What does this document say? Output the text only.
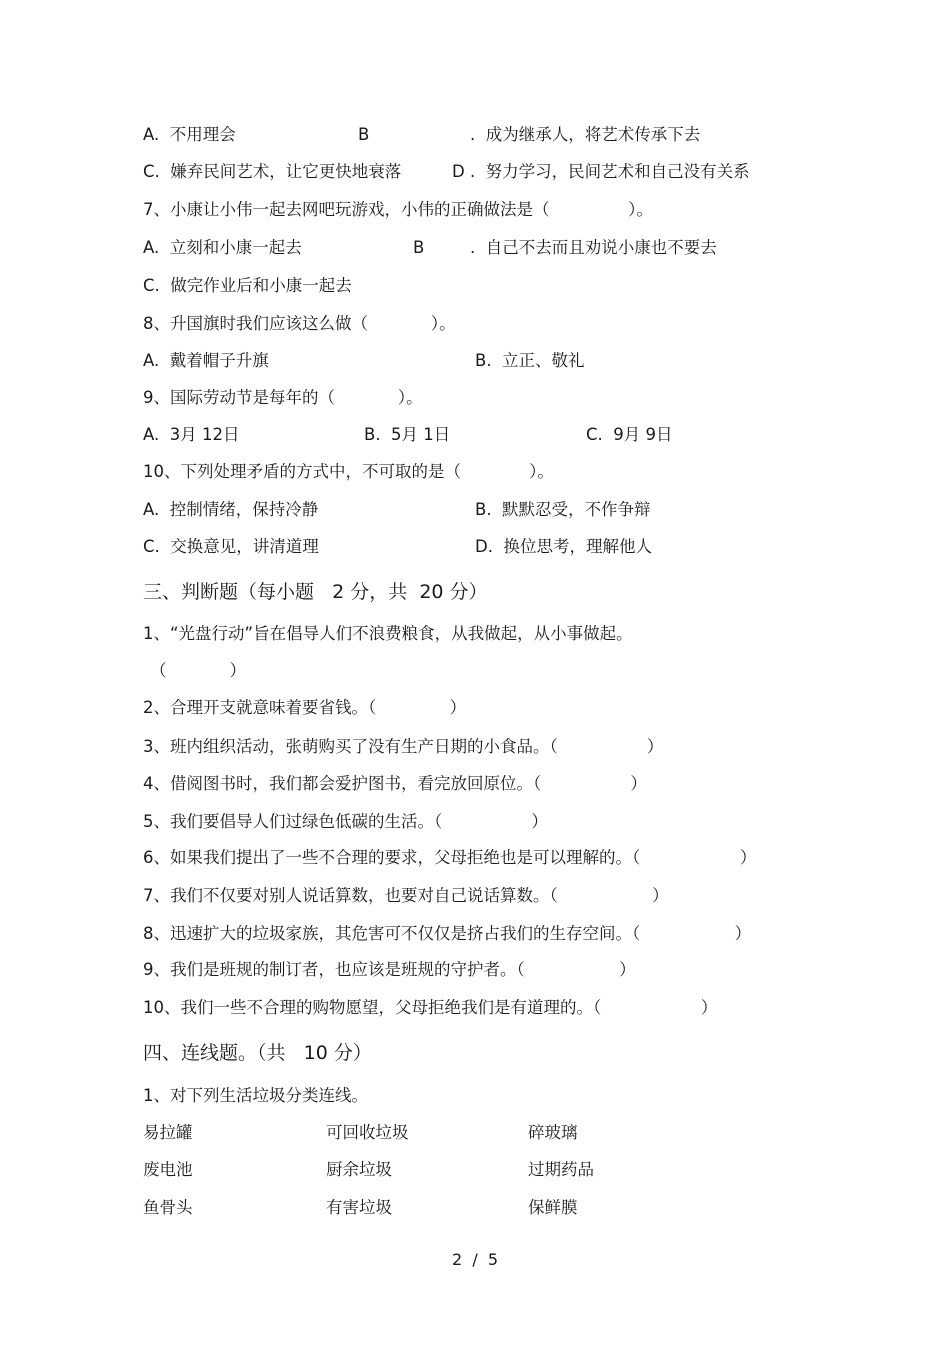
A.  不用理会	B	.  成为继承人，将艺术传承下去
C.  嫌弃民间艺术，让它更快地衰落	D .  努力学习，民间艺术和自己没有关系
7、小康让小伟一起去网吧玩游戏，小伟的正确做法是（               ）。
A.  立刻和小康一起去	B	.  自己不去而且劝说小康也不要去
C.  做完作业后和小康一起去
8、升国旗时我们应该这么做（            ）。
A.  戴着帽子升旗	B.  立正、敬礼
9、国际劳动节是每年的（            ）。
A.  3月 12日	B.  5月 1日	C.  9月 9日
10、下列处理矛盾的方式中，不可取的是（             ）。
A.  控制情绪，保持冷静	B.  默默忍受，不作争辩
C.  交换意见，讲清道理	D.  换位思考，理解他人
三、判断题（每小题   2 分，共  20 分）
1、“光盘行动”旨在倡导人们不浪费粮食，从我做起，从小事做起。
（            ）
2、合理开支就意味着要省钱。（              ）
3、班内组织活动，张萌购买了没有生产日期的小食品。（                 ）
4、借阅图书时，我们都会爱护图书，看完放回原位。（                 ）
5、我们要倡导人们过绿色低碳的生活。（                 ）
6、如果我们提出了一些不合理的要求，父母拒绝也是可以理解的。（                   ）
7、我们不仅要对别人说话算数，也要对自己说话算数。（                  ）
8、迅速扩大的垃圾家族，其危害可不仅仅是挤占我们的生存空间。（                  ）
9、我们是班规的制订者，也应该是班规的守护者。（                  ）
10、我们一些不合理的购物愿望，父母拒绝我们是有道理的。（                   ）
四、连线题。（共   10 分）
1、对下列生活垃圾分类连线。
易拉罐	可回收垃圾	碎玻璃
废电池	厨余垃圾	过期药品
鱼骨头	有害垃圾	保鲜膜
2  /  5
